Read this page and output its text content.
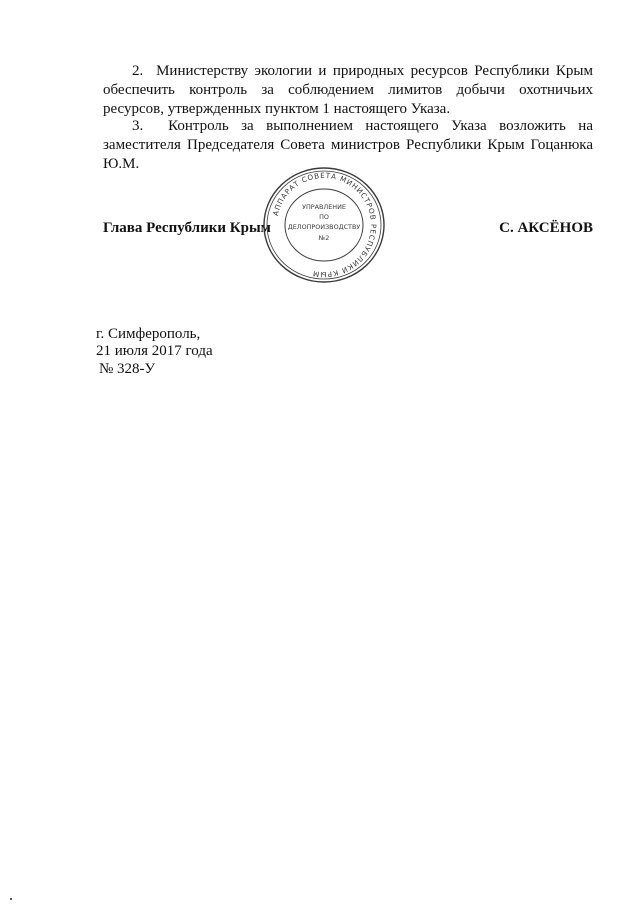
2. Министерству экологии и природных ресурсов Республики Крым обеспечить контроль за соблюдением лимитов добычи охотничьих ресурсов, утвержденных пунктом 1 настоящего Указа.

3. Контроль за выполнением настоящего Указа возложить на заместителя Председателя Совета министров Республики Крым Гоцанюка Ю.М.

Глава Республики Крым	С. АКСЁНОВ

АППАРАТ СОВЕТА МИНИСТРОВ РЕСПУБЛИКИ КРЫМ
УПРАВЛЕНИЕ
ПО
ДЕЛОПРОИЗВОДСТВУ
№2

г. Симферополь,

21 июля 2017 года

№ 328-У
